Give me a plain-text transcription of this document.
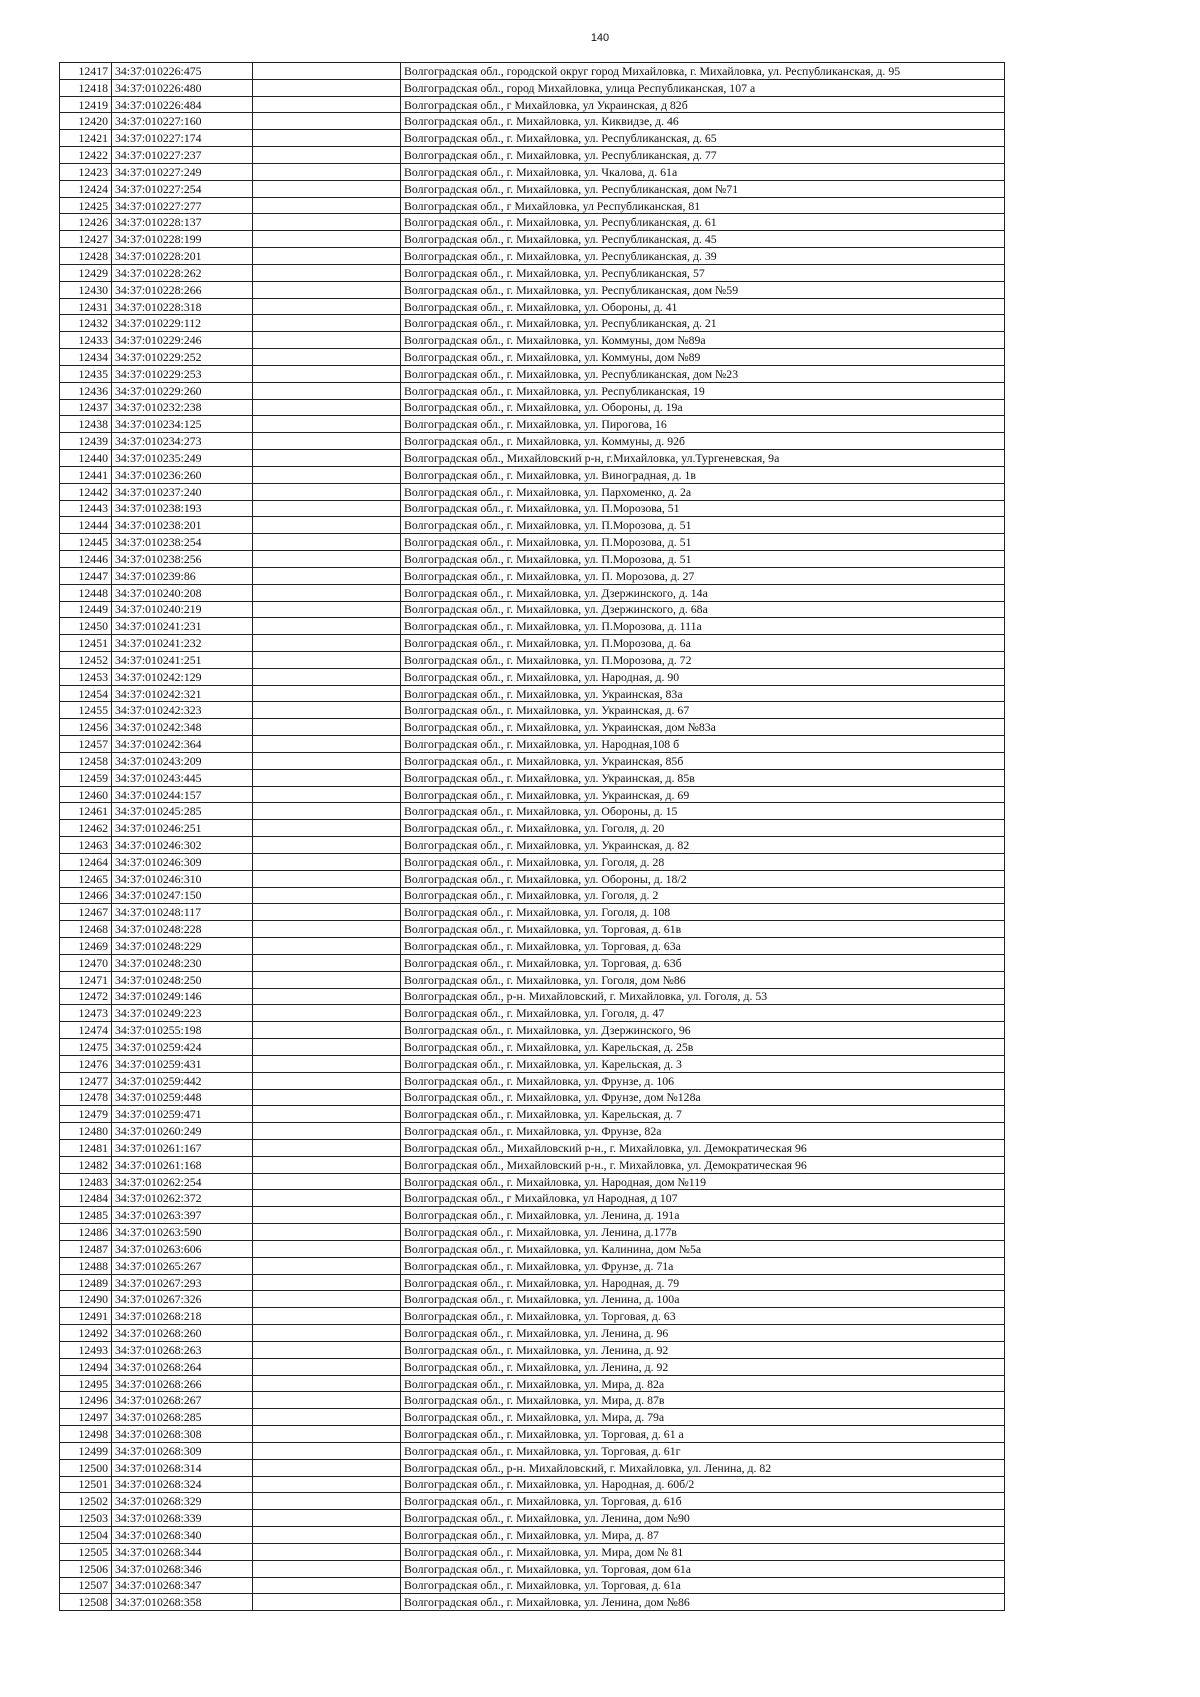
140
12417	34:37:010226:475		Волгоградская обл., городской округ город Михайловка, г. Михайловка, ул. Республиканская, д. 95
12418	34:37:010226:480		Волгоградская обл., город Михайловка, улица Республиканская, 107 а
12419	34:37:010226:484		Волгоградская обл., г Михайловка, ул Украинская, д 82б
12420	34:37:010227:160		Волгоградская обл., г. Михайловка, ул. Киквидзе, д. 46
12421	34:37:010227:174		Волгоградская обл., г. Михайловка, ул. Республиканская, д. 65
12422	34:37:010227:237		Волгоградская обл., г. Михайловка, ул. Республиканская, д. 77
12423	34:37:010227:249		Волгоградская обл., г. Михайловка, ул. Чкалова, д. 61а
12424	34:37:010227:254		Волгоградская обл., г. Михайловка, ул. Республиканская, дом №71
12425	34:37:010227:277		Волгоградская обл., г Михайловка, ул Республиканская, 81
12426	34:37:010228:137		Волгоградская обл., г. Михайловка, ул. Республиканская, д. 61
12427	34:37:010228:199		Волгоградская обл., г. Михайловка, ул. Республиканская, д. 45
12428	34:37:010228:201		Волгоградская обл., г. Михайловка, ул. Республиканская, д. 39
12429	34:37:010228:262		Волгоградская обл., г. Михайловка, ул. Республиканская, 57
12430	34:37:010228:266		Волгоградская обл., г. Михайловка, ул. Республиканская, дом №59
12431	34:37:010228:318		Волгоградская обл., г. Михайловка, ул. Обороны, д. 41
12432	34:37:010229:112		Волгоградская обл., г. Михайловка, ул. Республиканская, д. 21
12433	34:37:010229:246		Волгоградская обл., г. Михайловка, ул. Коммуны, дом №89а
12434	34:37:010229:252		Волгоградская обл., г. Михайловка, ул. Коммуны, дом №89
12435	34:37:010229:253		Волгоградская обл., г. Михайловка, ул. Республиканская, дом №23
12436	34:37:010229:260		Волгоградская обл., г. Михайловка, ул. Республиканская, 19
12437	34:37:010232:238		Волгоградская обл., г. Михайловка, ул. Обороны, д. 19а
12438	34:37:010234:125		Волгоградская обл., г. Михайловка, ул. Пирогова, 16
12439	34:37:010234:273		Волгоградская обл., г. Михайловка, ул. Коммуны, д. 92б
12440	34:37:010235:249		Волгоградская обл., Михайловский р-н, г.Михайловка, ул.Тургеневская, 9а
12441	34:37:010236:260		Волгоградская обл., г. Михайловка, ул. Виноградная, д. 1в
12442	34:37:010237:240		Волгоградская обл., г. Михайловка, ул. Пархоменко, д. 2а
12443	34:37:010238:193		Волгоградская обл., г. Михайловка, ул. П.Морозова, 51
12444	34:37:010238:201		Волгоградская обл., г. Михайловка, ул. П.Морозова, д. 51
12445	34:37:010238:254		Волгоградская обл., г. Михайловка, ул. П.Морозова, д. 51
12446	34:37:010238:256		Волгоградская обл., г. Михайловка, ул. П.Морозова, д. 51
12447	34:37:010239:86		Волгоградская обл., г. Михайловка, ул. П. Морозова, д. 27
12448	34:37:010240:208		Волгоградская обл., г. Михайловка, ул. Дзержинского, д. 14а
12449	34:37:010240:219		Волгоградская обл., г. Михайловка, ул. Дзержинского, д. 68а
12450	34:37:010241:231		Волгоградская обл., г. Михайловка, ул. П.Морозова, д. 111а
12451	34:37:010241:232		Волгоградская обл., г. Михайловка, ул. П.Морозова, д. 6а
12452	34:37:010241:251		Волгоградская обл., г. Михайловка, ул. П.Морозова, д. 72
12453	34:37:010242:129		Волгоградская обл., г. Михайловка, ул. Народная, д. 90
12454	34:37:010242:321		Волгоградская обл., г. Михайловка, ул. Украинская, 83а
12455	34:37:010242:323		Волгоградская обл., г. Михайловка, ул. Украинская, д. 67
12456	34:37:010242:348		Волгоградская обл., г. Михайловка, ул. Украинская, дом №83а
12457	34:37:010242:364		Волгоградская обл., г. Михайловка, ул. Народная,108 б
12458	34:37:010243:209		Волгоградская обл., г. Михайловка, ул. Украинская, 85б
12459	34:37:010243:445		Волгоградская обл., г. Михайловка, ул. Украинская, д. 85в
12460	34:37:010244:157		Волгоградская обл., г. Михайловка, ул. Украинская, д. 69
12461	34:37:010245:285		Волгоградская обл., г. Михайловка, ул. Обороны, д. 15
12462	34:37:010246:251		Волгоградская обл., г. Михайловка, ул. Гоголя, д. 20
12463	34:37:010246:302		Волгоградская обл., г. Михайловка, ул. Украинская, д. 82
12464	34:37:010246:309		Волгоградская обл., г. Михайловка, ул. Гоголя, д. 28
12465	34:37:010246:310		Волгоградская обл., г. Михайловка, ул. Обороны, д. 18/2
12466	34:37:010247:150		Волгоградская обл., г. Михайловка, ул. Гоголя, д. 2
12467	34:37:010248:117		Волгоградская обл., г. Михайловка, ул. Гоголя, д. 108
12468	34:37:010248:228		Волгоградская обл., г. Михайловка, ул. Торговая, д. 61в
12469	34:37:010248:229		Волгоградская обл., г. Михайловка, ул. Торговая, д. 63а
12470	34:37:010248:230		Волгоградская обл., г. Михайловка, ул. Торговая, д. 63б
12471	34:37:010248:250		Волгоградская обл., г. Михайловка, ул. Гоголя, дом №86
12472	34:37:010249:146		Волгоградская обл., р-н. Михайловский, г. Михайловка, ул. Гоголя, д. 53
12473	34:37:010249:223		Волгоградская обл., г. Михайловка, ул. Гоголя, д. 47
12474	34:37:010255:198		Волгоградская обл., г. Михайловка, ул. Дзержинского, 96
12475	34:37:010259:424		Волгоградская обл., г. Михайловка, ул. Карельская, д. 25в
12476	34:37:010259:431		Волгоградская обл., г. Михайловка, ул. Карельская, д. 3
12477	34:37:010259:442		Волгоградская обл., г. Михайловка, ул. Фрунзе, д. 106
12478	34:37:010259:448		Волгоградская обл., г. Михайловка, ул. Фрунзе, дом №128а
12479	34:37:010259:471		Волгоградская обл., г. Михайловка, ул. Карельская, д. 7
12480	34:37:010260:249		Волгоградская обл., г. Михайловка, ул. Фрунзе, 82а
12481	34:37:010261:167		Волгоградская обл., Михайловский р-н., г. Михайловка, ул. Демократическая 96
12482	34:37:010261:168		Волгоградская обл., Михайловский р-н., г. Михайловка, ул. Демократическая 96
12483	34:37:010262:254		Волгоградская обл., г. Михайловка, ул. Народная, дом №119
12484	34:37:010262:372		Волгоградская обл., г Михайловка, ул Народная, д 107
12485	34:37:010263:397		Волгоградская обл., г. Михайловка, ул. Ленина, д. 191а
12486	34:37:010263:590		Волгоградская обл., г. Михайловка, ул. Ленина, д.177в
12487	34:37:010263:606		Волгоградская обл., г. Михайловка, ул. Калинина, дом №5а
12488	34:37:010265:267		Волгоградская обл., г. Михайловка, ул. Фрунзе, д. 71а
12489	34:37:010267:293		Волгоградская обл., г. Михайловка, ул. Народная, д. 79
12490	34:37:010267:326		Волгоградская обл., г. Михайловка, ул. Ленина, д. 100а
12491	34:37:010268:218		Волгоградская обл., г. Михайловка, ул. Торговая, д. 63
12492	34:37:010268:260		Волгоградская обл., г. Михайловка, ул. Ленина, д. 96
12493	34:37:010268:263		Волгоградская обл., г. Михайловка, ул. Ленина, д. 92
12494	34:37:010268:264		Волгоградская обл., г. Михайловка, ул. Ленина, д. 92
12495	34:37:010268:266		Волгоградская обл., г. Михайловка, ул. Мира, д. 82а
12496	34:37:010268:267		Волгоградская обл., г. Михайловка, ул. Мира, д. 87в
12497	34:37:010268:285		Волгоградская обл., г. Михайловка, ул. Мира, д. 79а
12498	34:37:010268:308		Волгоградская обл., г. Михайловка, ул. Торговая, д. 61 а
12499	34:37:010268:309		Волгоградская обл., г. Михайловка, ул. Торговая, д. 61г
12500	34:37:010268:314		Волгоградская обл., р-н. Михайловский, г. Михайловка, ул. Ленина, д. 82
12501	34:37:010268:324		Волгоградская обл., г. Михайловка, ул. Народная, д. 60б/2
12502	34:37:010268:329		Волгоградская обл., г. Михайловка, ул. Торговая, д. 61б
12503	34:37:010268:339		Волгоградская обл., г. Михайловка, ул. Ленина, дом №90
12504	34:37:010268:340		Волгоградская обл., г. Михайловка, ул. Мира, д. 87
12505	34:37:010268:344		Волгоградская обл., г. Михайловка, ул. Мира, дом № 81
12506	34:37:010268:346		Волгоградская обл., г. Михайловка, ул. Торговая, дом 61а
12507	34:37:010268:347		Волгоградская обл., г. Михайловка, ул. Торговая, д. 61а
12508	34:37:010268:358		Волгоградская обл., г. Михайловка, ул. Ленина, дом №86
